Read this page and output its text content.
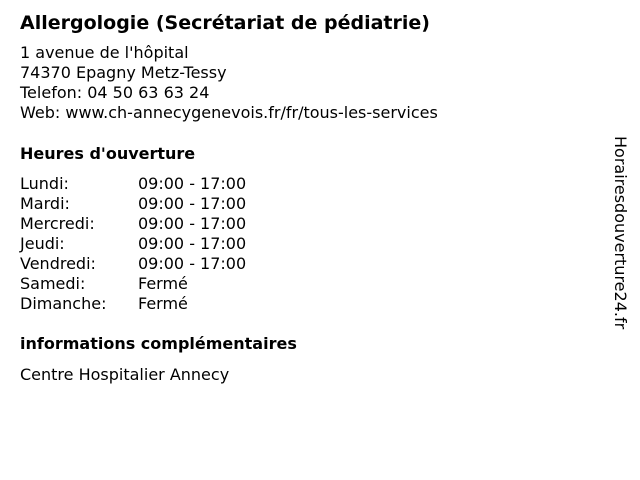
Allergologie (Secrétariat de pédiatrie)
1 avenue de l'hôpital
74370 Epagny Metz-Tessy
Telefon: 04 50 63 63 24
Web: www.ch-annecygenevois.fr/fr/tous-les-services
Heures d'ouverture
Lundi:	09:00 - 17:00
Mardi:	09:00 - 17:00
Mercredi:	09:00 - 17:00
Jeudi:	09:00 - 17:00
Vendredi:	09:00 - 17:00
Samedi:	Fermé
Dimanche: Fermé
informations complémentaires
Centre Hospitalier Annecy
Horairesdouverture24.fr
